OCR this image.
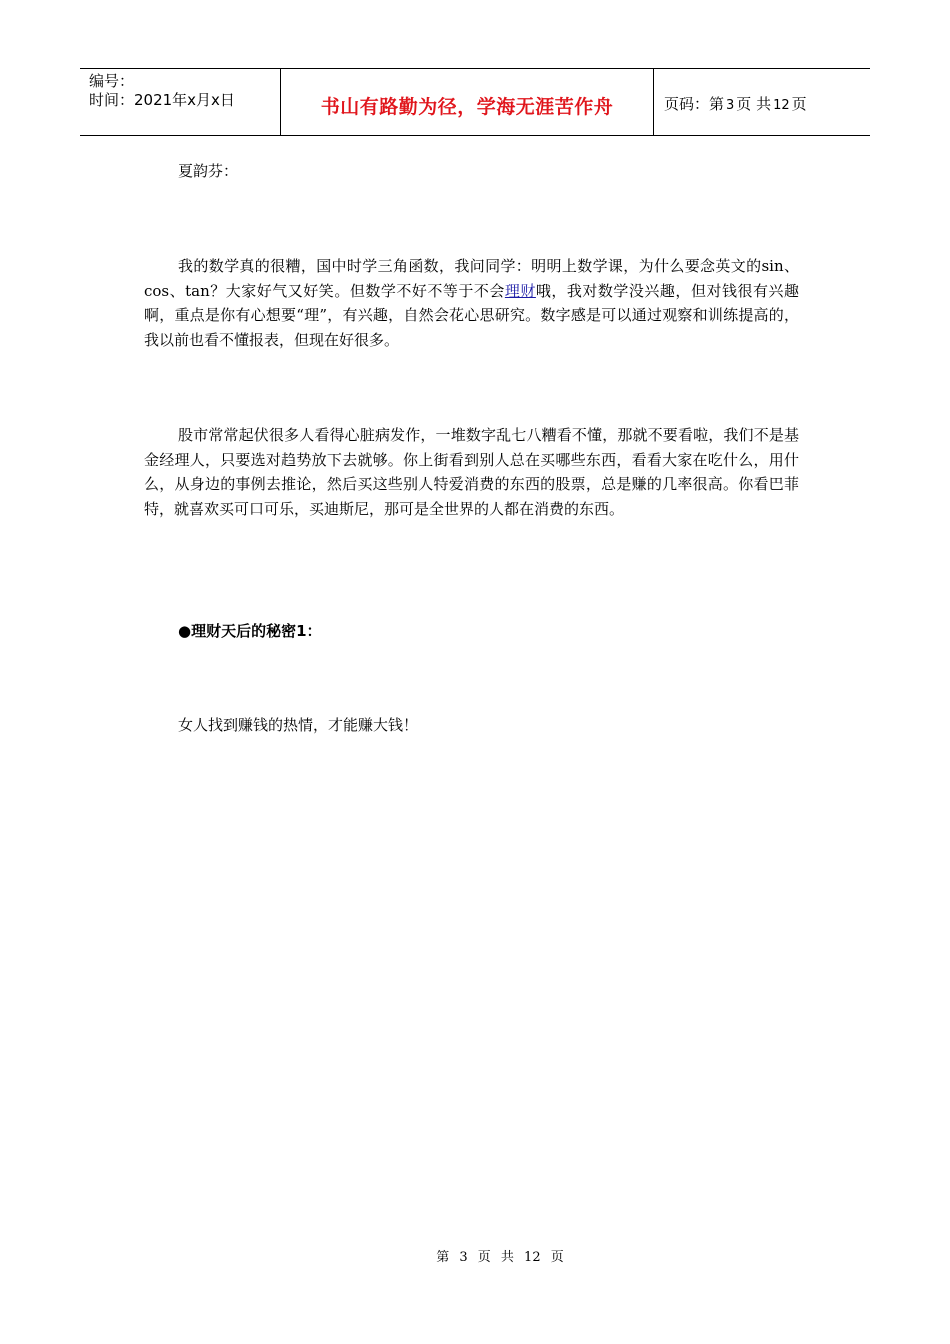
编号：
时间：2021年x月x日	书山有路勤为径，学海无涯苦作舟	页码：第 3 页 共 12 页

夏韵芬：

我的数学真的很糟，国中时学三角函数，我问同学：明明上数学课，为什么要念英文的sin、cos、tan？大家好气又好笑。但数学不好不等于不会理财哦，我对数学没兴趣，但对钱很有兴趣啊，重点是你有心想要“理”，有兴趣，自然会花心思研究。数字感是可以通过观察和训练提高的，我以前也看不懂报表，但现在好很多。

股市常常起伏很多人看得心脏病发作，一堆数字乱七八糟看不懂，那就不要看啦，我们不是基金经理人，只要选对趋势放下去就够。你上街看到别人总在买哪些东西，看看大家在吃什么，用什么，从身边的事例去推论，然后买这些别人特爱消费的东西的股票，总是赚的几率很高。你看巴菲特，就喜欢买可口可乐，买迪斯尼，那可是全世界的人都在消费的东西。

●理财天后的秘密1：

女人找到赚钱的热情，才能赚大钱！

第 3 页 共 12 页
